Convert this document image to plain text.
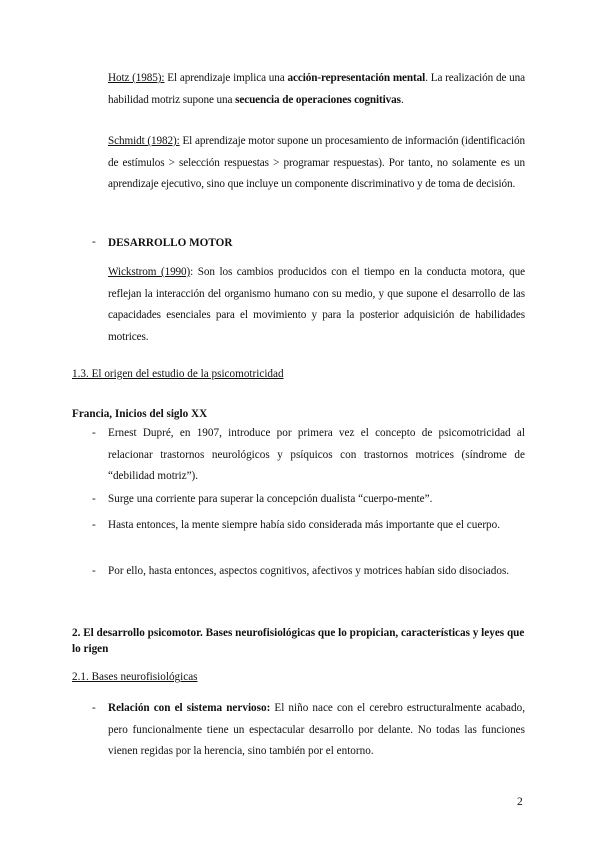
Hotz (1985): El aprendizaje implica una acción-representación mental. La realización de una habilidad motriz supone una secuencia de operaciones cognitivas.
Schmidt (1982): El aprendizaje motor supone un procesamiento de información (identificación de estímulos > selección respuestas > programar respuestas). Por tanto, no solamente es un aprendizaje ejecutivo, sino que incluye un componente discriminativo y de toma de decisión.
- DESARROLLO MOTOR
Wickstrom (1990): Son los cambios producidos con el tiempo en la conducta motora, que reflejan la interacción del organismo humano con su medio, y que supone el desarrollo de las capacidades esenciales para el movimiento y para la posterior adquisición de habilidades motrices.
1.3. El origen del estudio de la psicomotricidad
Francia, Inicios del siglo XX
- Ernest Dupré, en 1907, introduce por primera vez el concepto de psicomotricidad al relacionar trastornos neurológicos y psíquicos con trastornos motrices (síndrome de “debilidad motriz”).
- Surge una corriente para superar la concepción dualista “cuerpo-mente”.
- Hasta entonces, la mente siempre había sido considerada más importante que el cuerpo.
- Por ello, hasta entonces, aspectos cognitivos, afectivos y motrices habían sido disociados.
2. El desarrollo psicomotor. Bases neurofisiológicas que lo propician, características y leyes que lo rigen
2.1. Bases neurofisiológicas
- Relación con el sistema nervioso: El niño nace con el cerebro estructuralmente acabado, pero funcionalmente tiene un espectacular desarrollo por delante. No todas las funciones vienen regidas por la herencia, sino también por el entorno.
2
